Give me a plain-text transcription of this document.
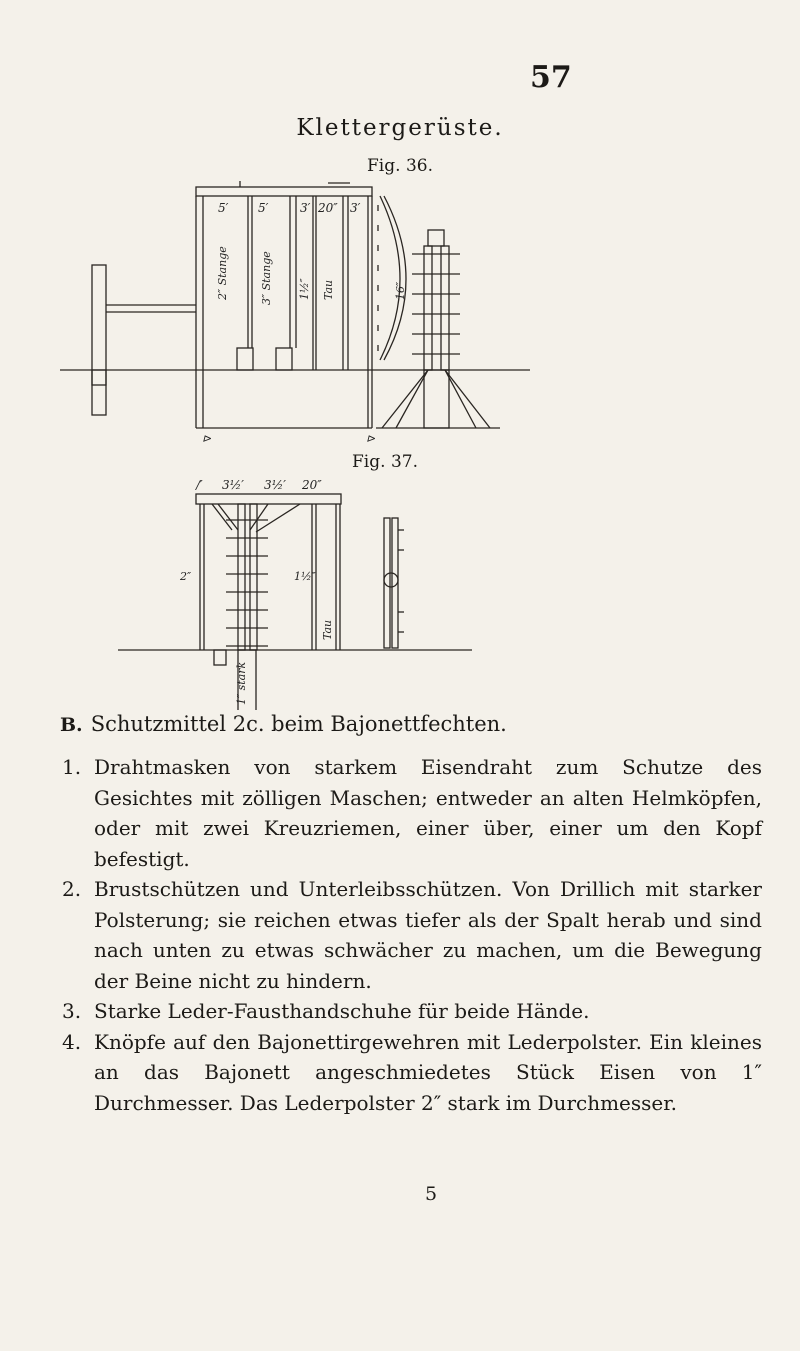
57
Klettergerüste.
Fig. 36.
Fig. 37.
5′ 5′	3′ 20″ 3′
2″ Stange	3″ Stange 1½″ Tau	16″
⊳	⊳
/′ 3½′ 3½′ 20″
2″	1½″
Tau
1″ stark
B. Schutzmittel 2c. beim Bajonettfechten.
1. Drahtmasken von starkem Eisendraht zum Schutze des Gesichtes mit zölligen Maschen; entweder an alten Helmköpfen, oder mit zwei Kreuzriemen, einer über, einer um den Kopf befestigt.
2. Brustschützen und Unterleibsschützen. Von Drillich mit starker Polsterung; sie reichen etwas tiefer als der Spalt herab und sind nach unten zu etwas schwächer zu machen, um die Bewegung der Beine nicht zu hindern.
3. Starke Leder-Fausthandschuhe für beide Hände.
4. Knöpfe auf den Bajonettirgewehren mit Lederpolster. Ein kleines an das Bajonett angeschmiedetes Stück Eisen von 1″ Durchmesser. Das Lederpolster 2″ stark im Durchmesser.
5
